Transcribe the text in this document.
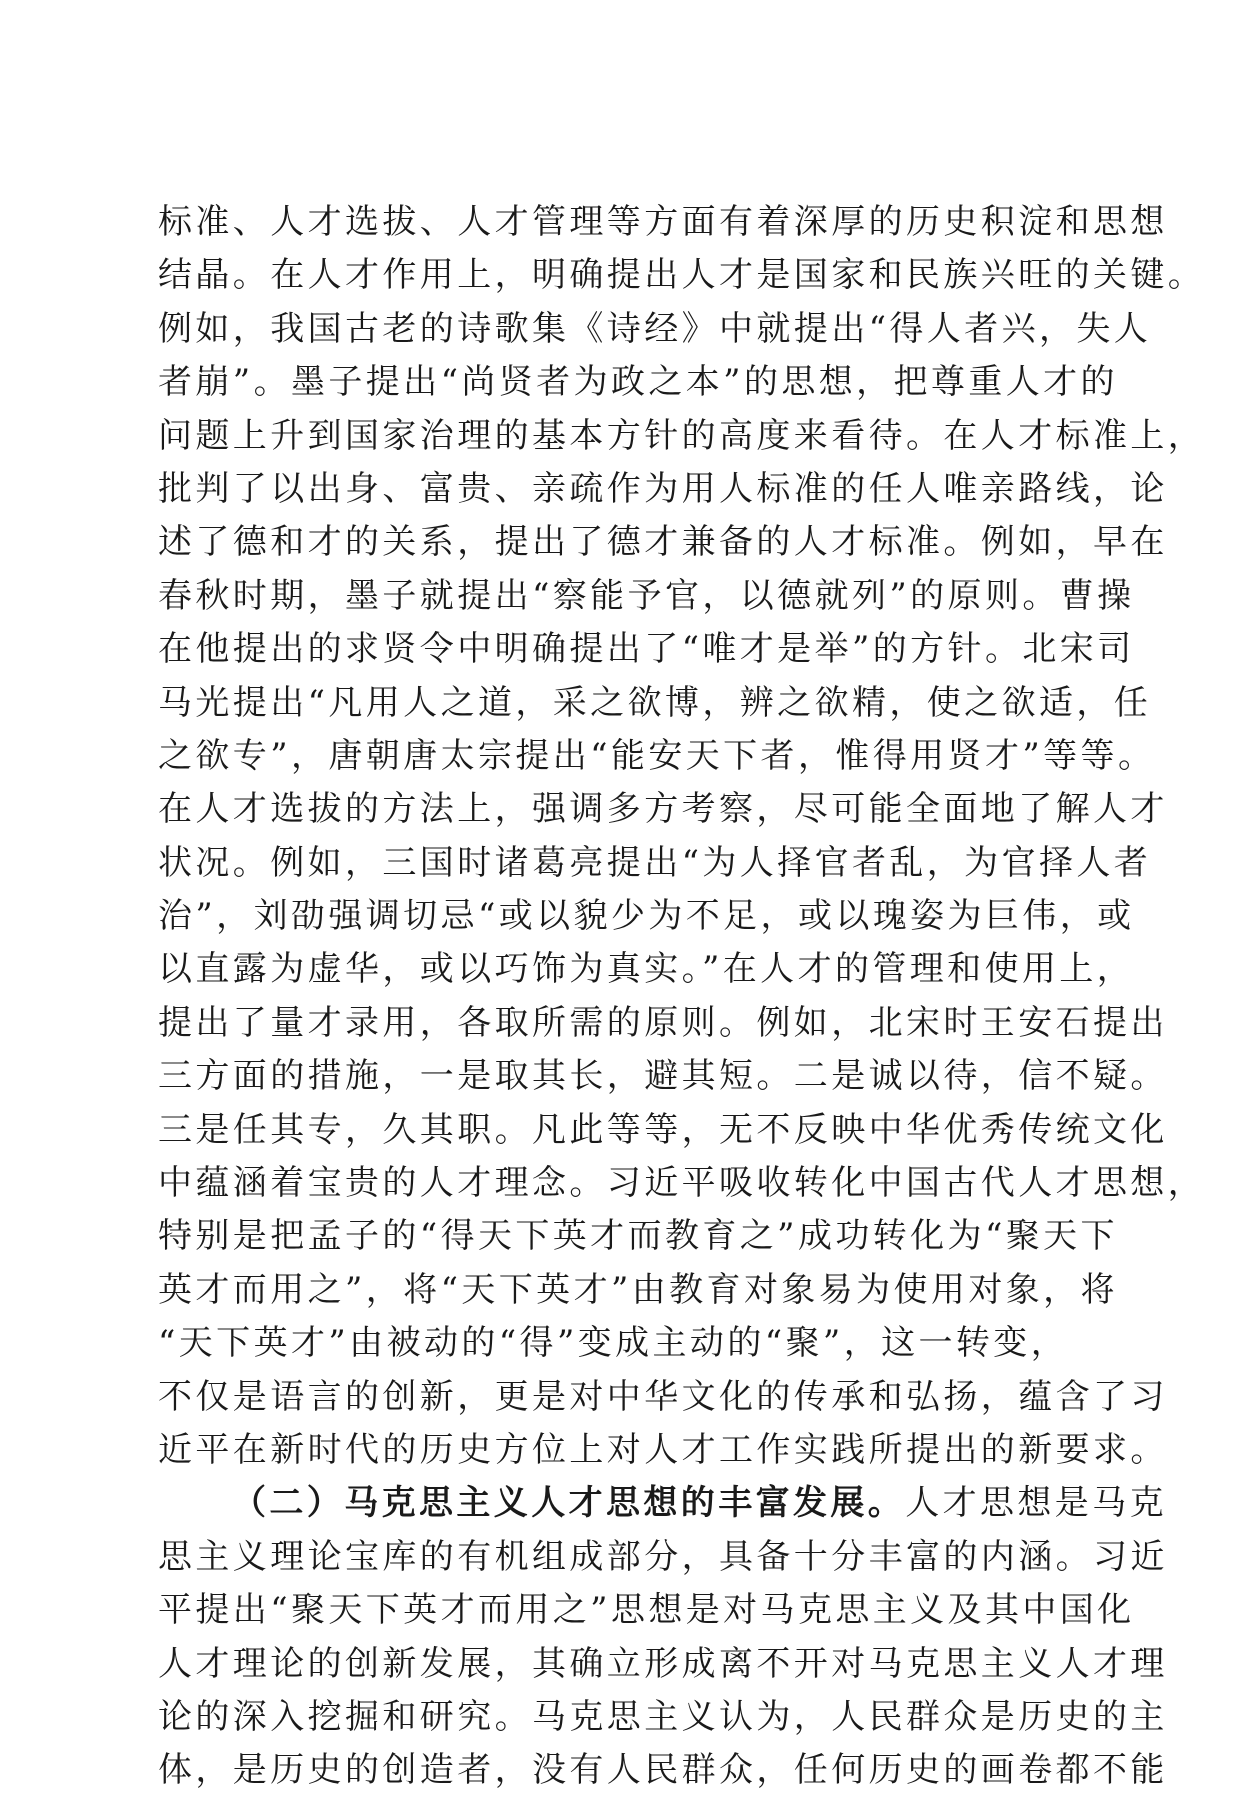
标准、人才选拔、人才管理等方面有着深厚的历史积淀和思想
结晶。在人才作用上，明确提出人才是国家和民族兴旺的关键。
例如，我国古老的诗歌集《诗经》中就提出“得人者兴，失人
者崩”。墨子提出“尚贤者为政之本”的思想，把尊重人才的
问题上升到国家治理的基本方针的高度来看待。在人才标准上，
批判了以出身、富贵、亲疏作为用人标准的任人唯亲路线，论
述了德和才的关系，提出了德才兼备的人才标准。例如，早在
春秋时期，墨子就提出“察能予官，以德就列”的原则。曹操
在他提出的求贤令中明确提出了“唯才是举”的方针。北宋司
马光提出“凡用人之道，采之欲博，辨之欲精，使之欲适，任
之欲专”，唐朝唐太宗提出“能安天下者，惟得用贤才”等等。
在人才选拔的方法上，强调多方考察，尽可能全面地了解人才
状况。例如，三国时诸葛亮提出“为人择官者乱，为官择人者
治”，刘劭强调切忌“或以貌少为不足，或以瑰姿为巨伟，或
以直露为虚华，或以巧饰为真实。”在人才的管理和使用上，
提出了量才录用，各取所需的原则。例如，北宋时王安石提出
三方面的措施，一是取其长，避其短。二是诚以待，信不疑。
三是任其专，久其职。凡此等等，无不反映中华优秀传统文化
中蕴涵着宝贵的人才理念。习近平吸收转化中国古代人才思想，
特别是把孟子的“得天下英才而教育之”成功转化为“聚天下
英才而用之”，将“天下英才”由教育对象易为使用对象，将
“天下英才”由被动的“得”变成主动的“聚”，这一转变，
不仅是语言的创新，更是对中华文化的传承和弘扬，蕴含了习
近平在新时代的历史方位上对人才工作实践所提出的新要求。
（二）马克思主义人才思想的丰富发展。人才思想是马克
思主义理论宝库的有机组成部分，具备十分丰富的内涵。习近
平提出“聚天下英才而用之”思想是对马克思主义及其中国化
人才理论的创新发展，其确立形成离不开对马克思主义人才理
论的深入挖掘和研究。马克思主义认为，人民群众是历史的主
体，是历史的创造者，没有人民群众，任何历史的画卷都不能
